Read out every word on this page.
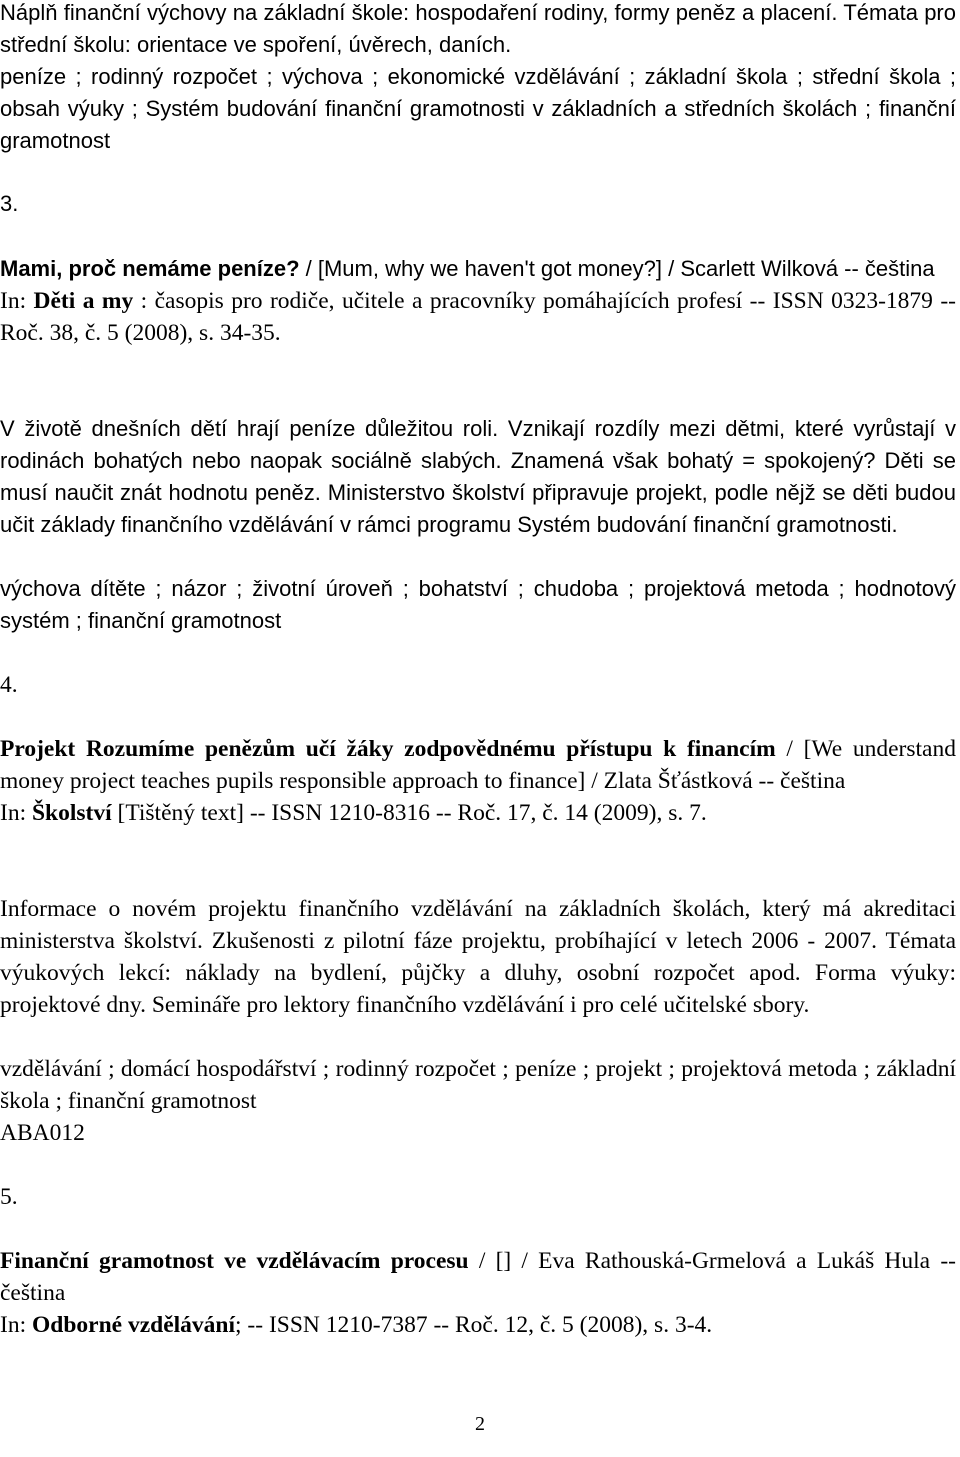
Náplň finanční výchovy na základní škole: hospodaření rodiny, formy peněz a placení. Témata pro střední školu: orientace ve spoření, úvěrech, daních.

peníze ; rodinný rozpočet ; výchova ; ekonomické vzdělávání ; základní škola ; střední škola ; obsah výuky ; Systém budování finanční gramotnosti v základních a středních školách ; finanční gramotnost

3.

Mami, proč nemáme peníze? / [Mum, why we haven't got money?] / Scarlett Wilková -- čeština

In: Děti a my : časopis pro rodiče, učitele a pracovníky pomáhajících profesí -- ISSN 0323-1879 -- Roč. 38, č. 5 (2008), s. 34-35.

V životě dnešních dětí hrají peníze důležitou roli. Vznikají rozdíly mezi dětmi, které vyrůstají v rodinách bohatých nebo naopak sociálně slabých. Znamená však bohatý = spokojený? Děti se musí naučit znát hodnotu peněz. Ministerstvo školství připravuje projekt, podle nějž se děti budou učit základy finančního vzdělávání v rámci programu Systém budování finanční gramotnosti.

výchova dítěte ; názor ; životní úroveň ; bohatství ; chudoba ; projektová metoda ; hodnotový systém ; finanční gramotnost

4.

Projekt Rozumíme penězům učí žáky zodpovědnému přístupu k financím / [We understand money project teaches pupils responsible approach to finance] / Zlata Šťástková -- čeština

In: Školství [Tištěný text] -- ISSN 1210-8316 -- Roč. 17, č. 14 (2009), s. 7.

Informace o novém projektu finančního vzdělávání na základních školách, který má akreditaci ministerstva školství. Zkušenosti z pilotní fáze projektu, probíhající v letech 2006 - 2007. Témata výukových lekcí: náklady na bydlení, půjčky a dluhy, osobní rozpočet apod. Forma výuky: projektové dny. Semináře pro lektory finančního vzdělávání i pro celé učitelské sbory.

vzdělávání ; domácí hospodářství ; rodinný rozpočet ; peníze ; projekt ; projektová metoda ; základní škola ; finanční gramotnost

ABA012

5.

Finanční gramotnost ve vzdělávacím procesu / [] / Eva Rathouská-Grmelová a Lukáš Hula -- čeština

In: Odborné vzdělávání; -- ISSN 1210-7387 -- Roč. 12, č. 5 (2008), s. 3-4.

2
